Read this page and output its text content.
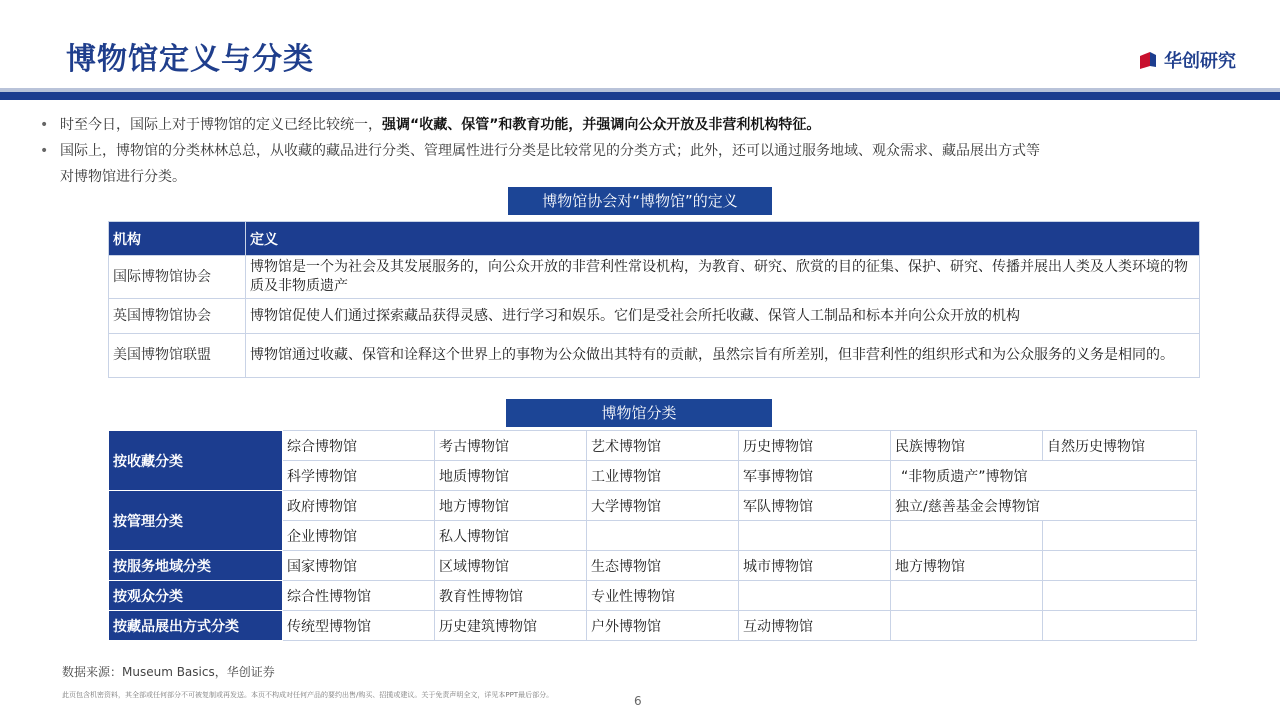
博物馆定义与分类	华创研究
• 时至今日，国际上对于博物馆的定义已经比较统一，强调“收藏、保管”和教育功能，并强调向公众开放及非营利机构特征。
• 国际上，博物馆的分类林林总总，从收藏的藏品进行分类、管理属性进行分类是比较常见的分类方式；此外，还可以通过服务地域、观众需求、藏品展出方式等
对博物馆进行分类。
博物馆协会对“博物馆”的定义
机构	定义
国际博物馆协会	博物馆是一个为社会及其发展服务的，向公众开放的非营利性常设机构，为教育、研究、欣赏的目的征集、保护、研究、传播并展出人类及人类环境的物质及非物质遗产
英国博物馆协会	博物馆促使人们通过探索藏品获得灵感、进行学习和娱乐。它们是受社会所托收藏、保管人工制品和标本并向公众开放的机构
美国博物馆联盟	博物馆通过收藏、保管和诠释这个世界上的事物为公众做出其特有的贡献，虽然宗旨有所差别，但非营利性的组织形式和为公众服务的义务是相同的。
博物馆分类
按收藏分类	综合博物馆	考古博物馆	艺术博物馆	历史博物馆	民族博物馆	自然历史博物馆
	科学博物馆	地质博物馆	工业博物馆	军事博物馆	“非物质遗产”博物馆	
按管理分类	政府博物馆	地方博物馆	大学博物馆	军队博物馆	独立/慈善基金会博物馆	
	企业博物馆	私人博物馆				
按服务地域分类	国家博物馆	区域博物馆	生态博物馆	城市博物馆	地方博物馆	
按观众分类	综合性博物馆	教育性博物馆	专业性博物馆			
按藏品展出方式分类	传统型博物馆	历史建筑博物馆	户外博物馆	互动博物馆		
数据来源：Museum Basics，华创证券
此页包含机密资料，其全部或任何部分不可被复制或再发送。本页不构成对任何产品的要约出售/购买、招揽或建议。关于免责声明全文，详见本PPT最后部分。	6
